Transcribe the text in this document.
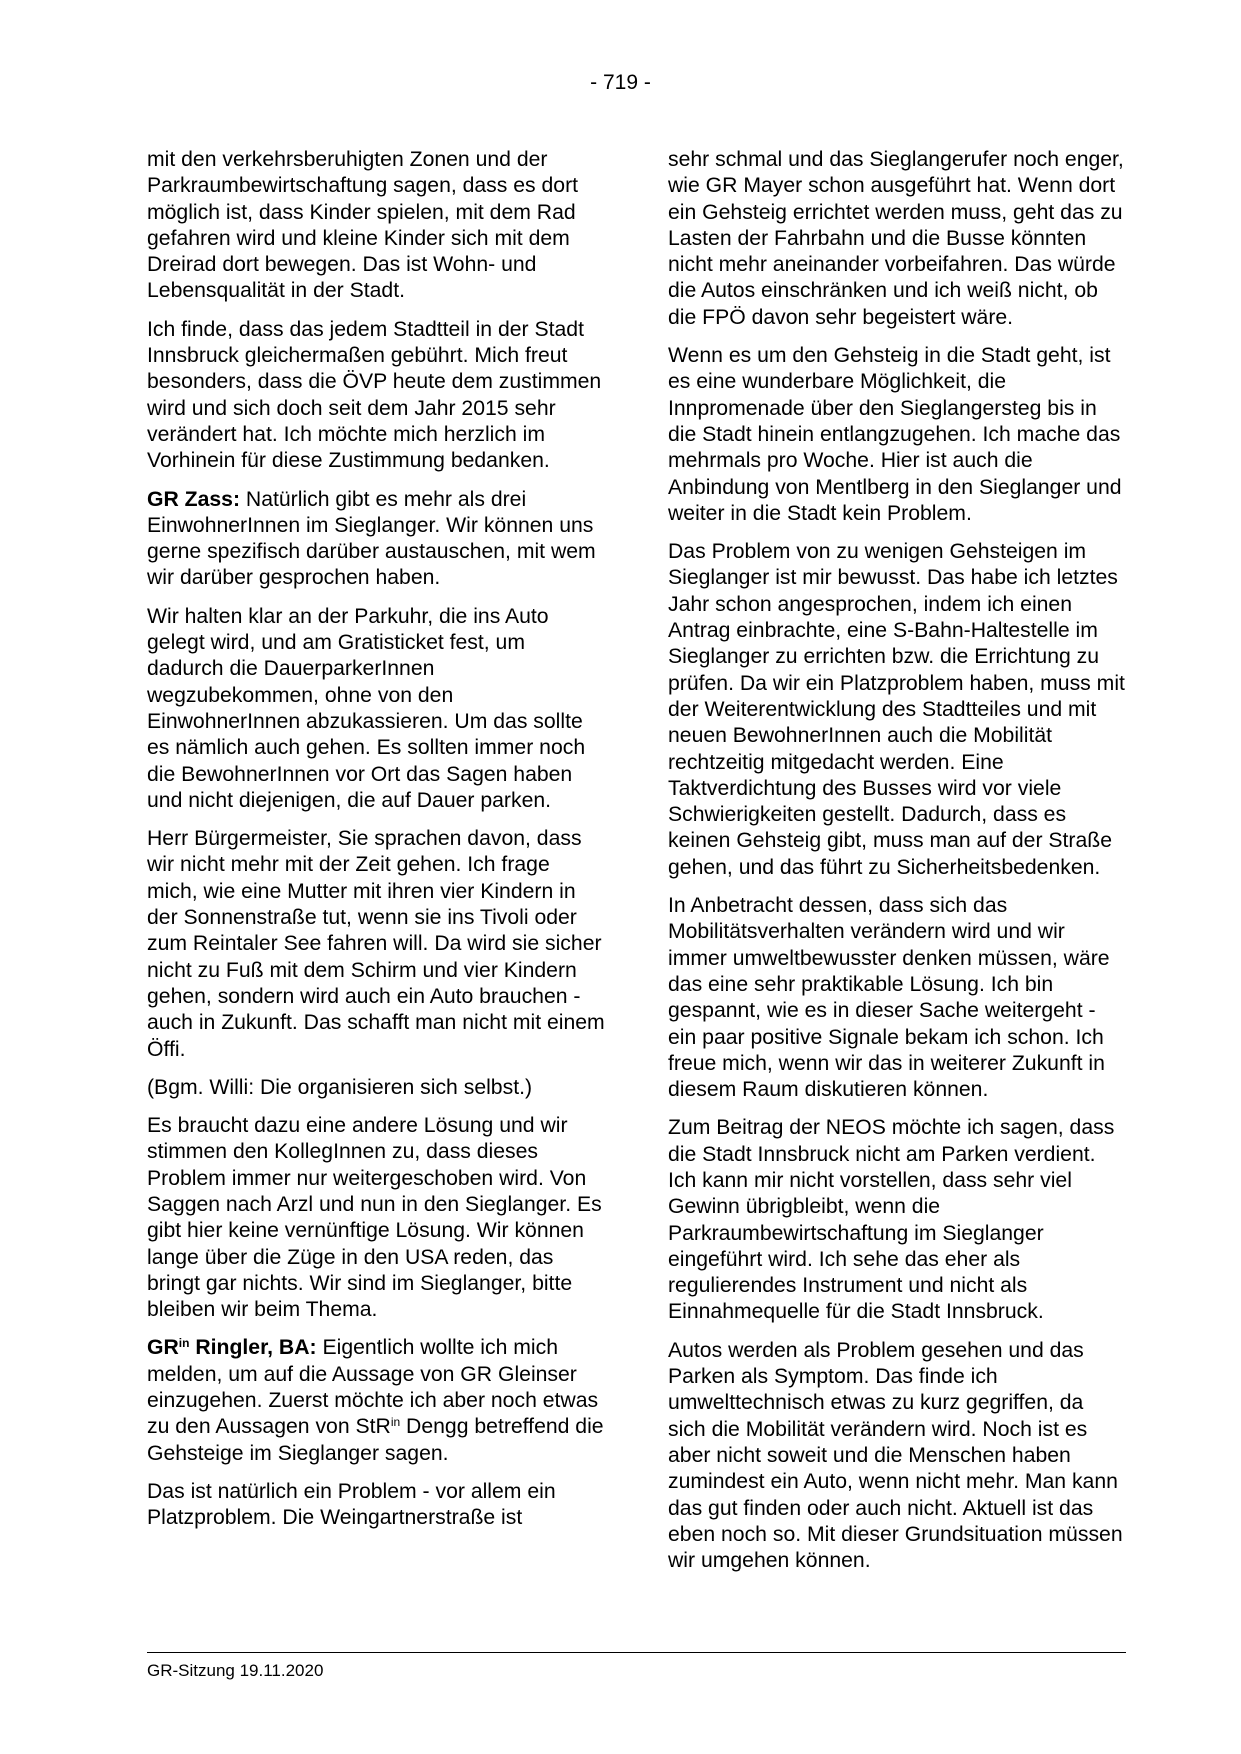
- 719 -

mit den verkehrsberuhigten Zonen und der Parkraumbewirtschaftung sagen, dass es dort möglich ist, dass Kinder spielen, mit dem Rad gefahren wird und kleine Kinder sich mit dem Dreirad dort bewegen. Das ist Wohn- und Lebensqualität in der Stadt.

Ich finde, dass das jedem Stadtteil in der Stadt Innsbruck gleichermaßen gebührt. Mich freut besonders, dass die ÖVP heute dem zustimmen wird und sich doch seit dem Jahr 2015 sehr verändert hat. Ich möchte mich herzlich im Vorhinein für diese Zustimmung bedanken.

GR Zass: Natürlich gibt es mehr als drei EinwohnerInnen im Sieglanger. Wir können uns gerne spezifisch darüber austauschen, mit wem wir darüber gesprochen haben.

Wir halten klar an der Parkuhr, die ins Auto gelegt wird, und am Gratisticket fest, um dadurch die DauerparkerInnen wegzubekommen, ohne von den EinwohnerInnen abzukassieren. Um das sollte es nämlich auch gehen. Es sollten immer noch die BewohnerInnen vor Ort das Sagen haben und nicht diejenigen, die auf Dauer parken.

Herr Bürgermeister, Sie sprachen davon, dass wir nicht mehr mit der Zeit gehen. Ich frage mich, wie eine Mutter mit ihren vier Kindern in der Sonnenstraße tut, wenn sie ins Tivoli oder zum Reintaler See fahren will. Da wird sie sicher nicht zu Fuß mit dem Schirm und vier Kindern gehen, sondern wird auch ein Auto brauchen - auch in Zukunft. Das schafft man nicht mit einem Öffi.

(Bgm. Willi: Die organisieren sich selbst.)

Es braucht dazu eine andere Lösung und wir stimmen den KollegInnen zu, dass dieses Problem immer nur weitergeschoben wird. Von Saggen nach Arzl und nun in den Sieglanger. Es gibt hier keine vernünftige Lösung. Wir können lange über die Züge in den USA reden, das bringt gar nichts. Wir sind im Sieglanger, bitte bleiben wir beim Thema.

$GR^{in}$ Ringler, BA: Eigentlich wollte ich mich melden, um auf die Aussage von GR Gleinser einzugehen. Zuerst möchte ich aber noch etwas zu den Aussagen von StR$^{in}$ Dengg betreffend die Gehsteige im Sieglanger sagen.

Das ist natürlich ein Problem - vor allem ein Platzproblem. Die Weingartnerstraße ist

sehr schmal und das Sieglangerufer noch enger, wie GR Mayer schon ausgeführt hat. Wenn dort ein Gehsteig errichtet werden muss, geht das zu Lasten der Fahrbahn und die Busse könnten nicht mehr aneinander vorbeifahren. Das würde die Autos einschränken und ich weiß nicht, ob die FPÖ davon sehr begeistert wäre.

Wenn es um den Gehsteig in die Stadt geht, ist es eine wunderbare Möglichkeit, die Innpromenade über den Sieglangersteg bis in die Stadt hinein entlangzugehen. Ich mache das mehrmals pro Woche. Hier ist auch die Anbindung von Mentlberg in den Sieglanger und weiter in die Stadt kein Problem.

Das Problem von zu wenigen Gehsteigen im Sieglanger ist mir bewusst. Das habe ich letztes Jahr schon angesprochen, indem ich einen Antrag einbrachte, eine S-Bahn-Haltestelle im Sieglanger zu errichten bzw. die Errichtung zu prüfen. Da wir ein Platzproblem haben, muss mit der Weiterentwicklung des Stadtteiles und mit neuen BewohnerInnen auch die Mobilität rechtzeitig mitgedacht werden. Eine Taktverdichtung des Busses wird vor viele Schwierigkeiten gestellt. Dadurch, dass es keinen Gehsteig gibt, muss man auf der Straße gehen, und das führt zu Sicherheitsbedenken.

In Anbetracht dessen, dass sich das Mobilitätsverhalten verändern wird und wir immer umweltbewusster denken müssen, wäre das eine sehr praktikable Lösung. Ich bin gespannt, wie es in dieser Sache weitergeht - ein paar positive Signale bekam ich schon. Ich freue mich, wenn wir das in weiterer Zukunft in diesem Raum diskutieren können.

Zum Beitrag der NEOS möchte ich sagen, dass die Stadt Innsbruck nicht am Parken verdient. Ich kann mir nicht vorstellen, dass sehr viel Gewinn übrigbleibt, wenn die Parkraumbewirtschaftung im Sieglanger eingeführt wird. Ich sehe das eher als regulierendes Instrument und nicht als Einnahmequelle für die Stadt Innsbruck.

Autos werden als Problem gesehen und das Parken als Symptom. Das finde ich umwelttechnisch etwas zu kurz gegriffen, da sich die Mobilität verändern wird. Noch ist es aber nicht soweit und die Menschen haben zumindest ein Auto, wenn nicht mehr. Man kann das gut finden oder auch nicht. Aktuell ist das eben noch so. Mit dieser Grundsituation müssen wir umgehen können.

GR-Sitzung 19.11.2020
